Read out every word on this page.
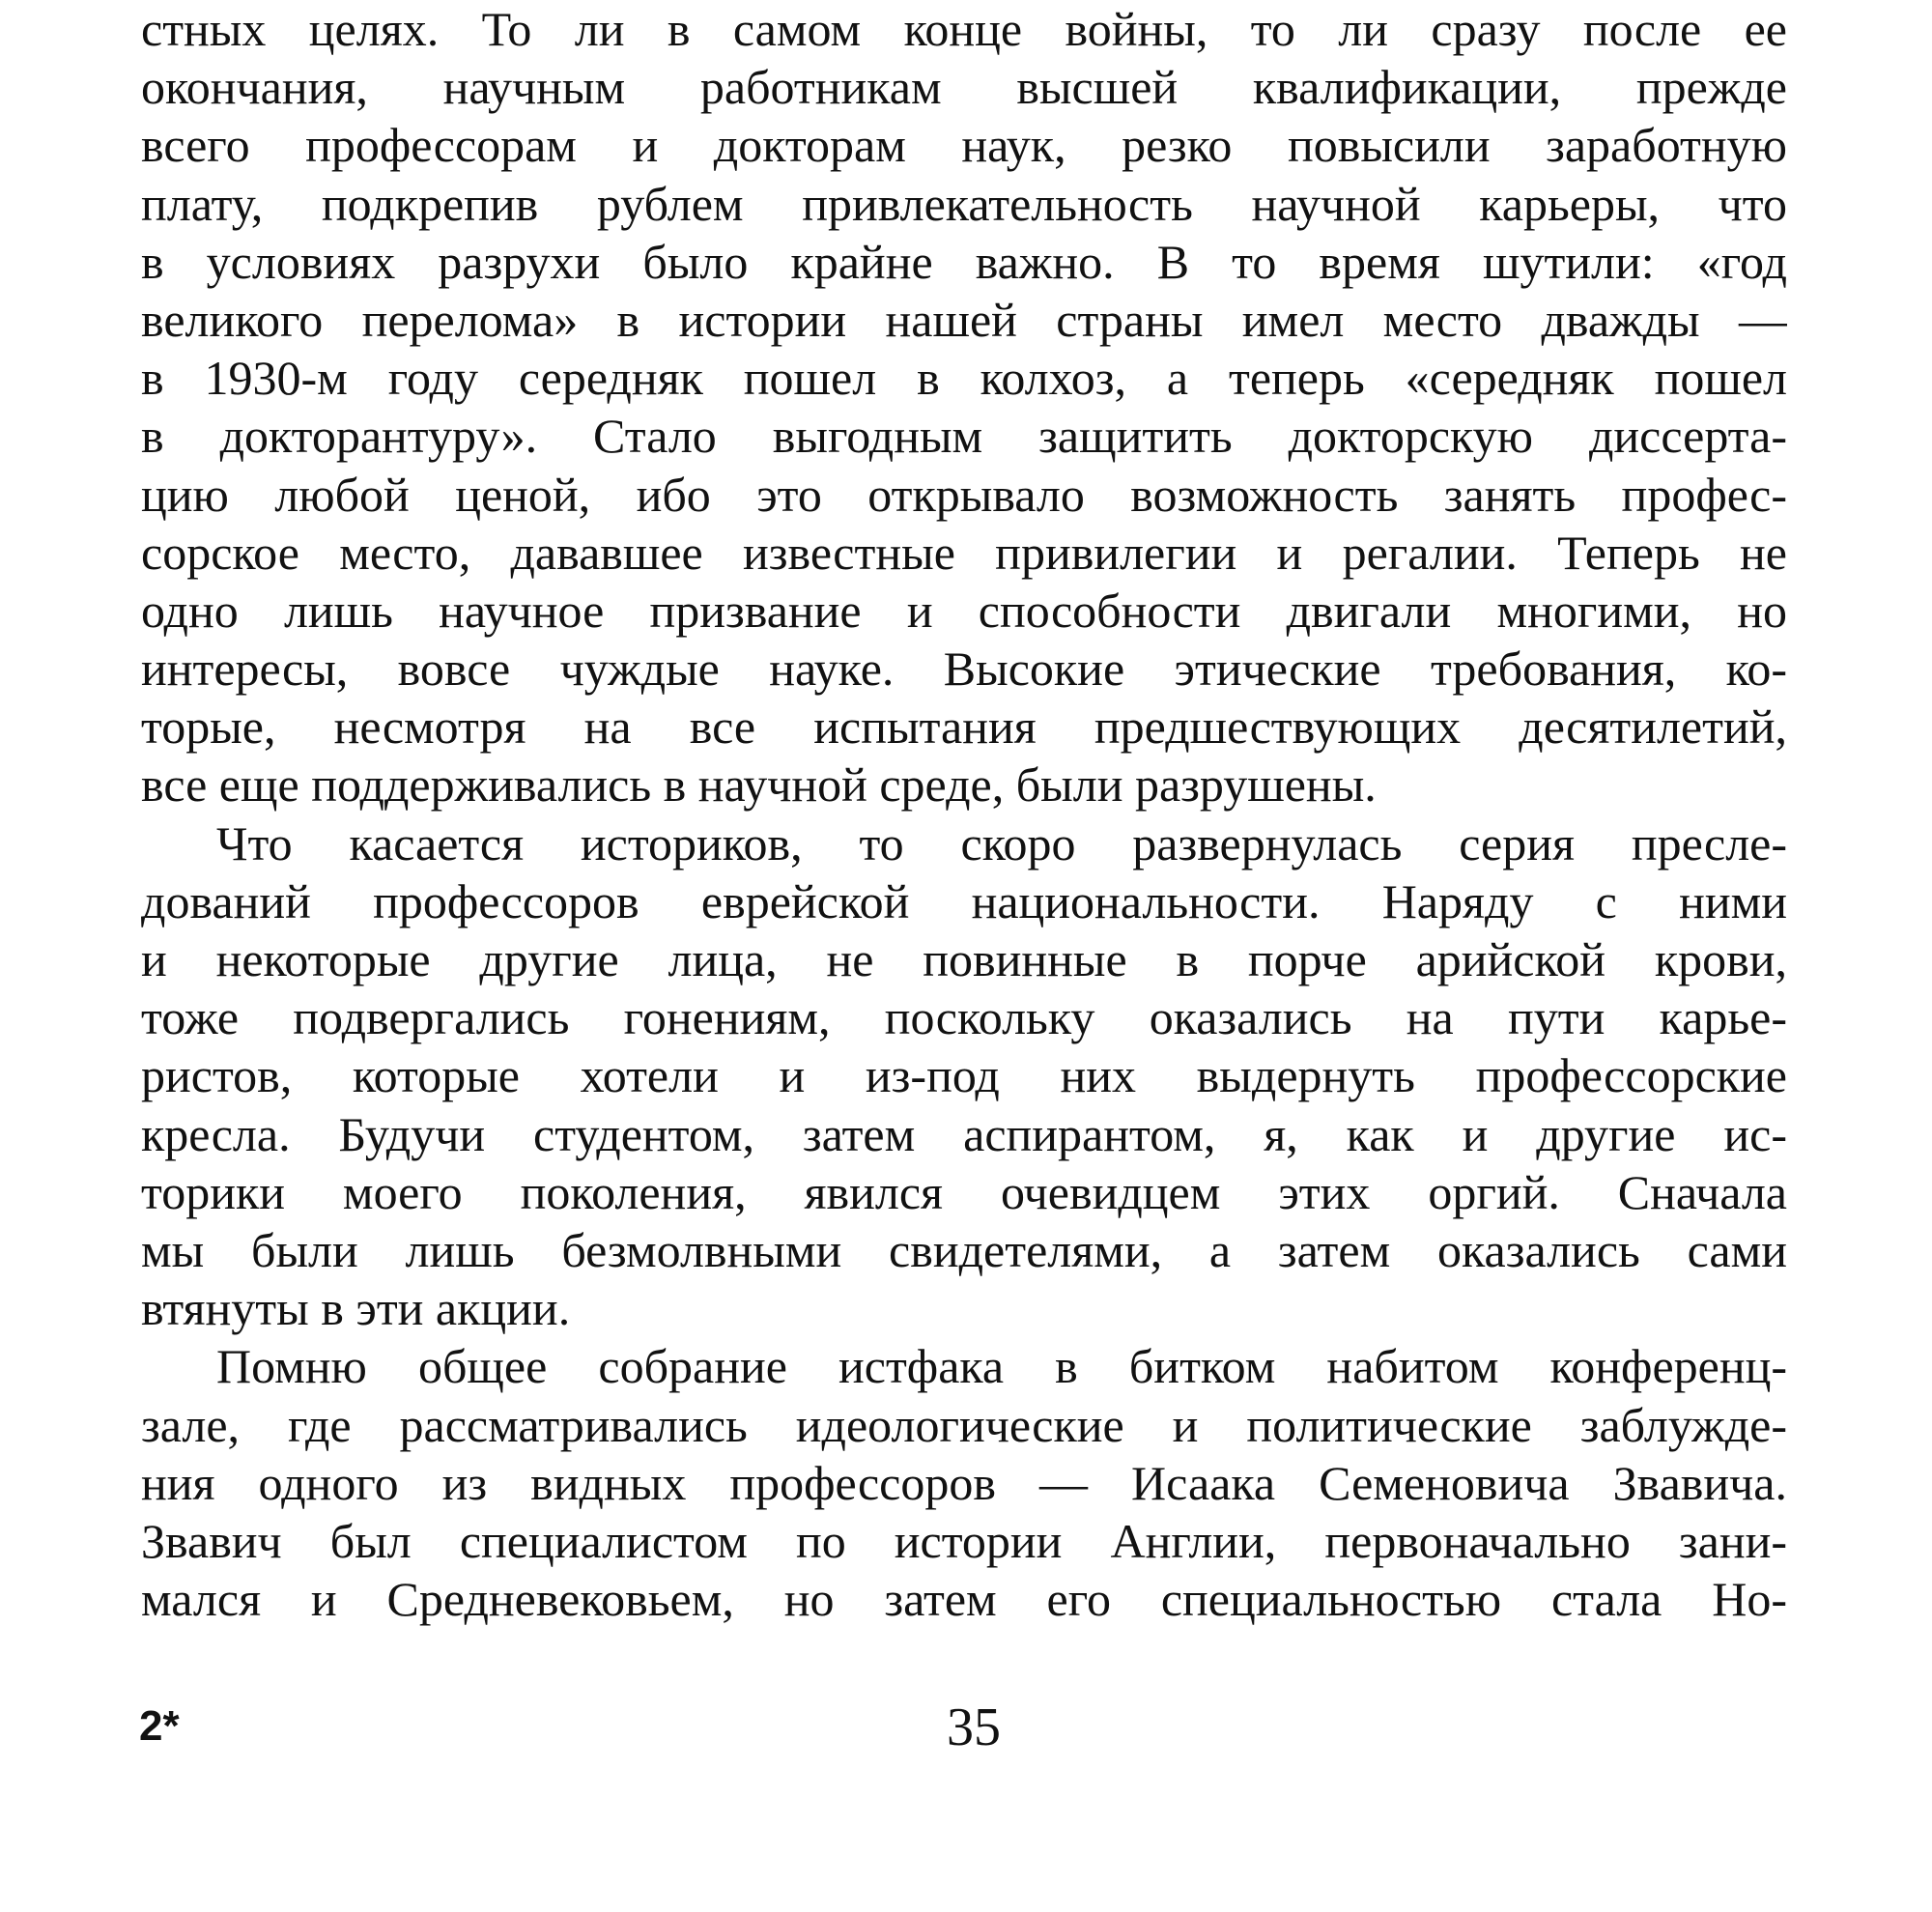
стных целях. То ли в самом конце войны, то ли сразу после ее
окончания, научным работникам высшей квалификации, прежде
всего профессорам и докторам наук, резко повысили заработную
плату, подкрепив рублем привлекательность научной карьеры, что
в условиях разрухи было крайне важно. В то время шутили: «год
великого перелома» в истории нашей страны имел место дважды —
в 1930-м году середняк пошел в колхоз, а теперь «середняк пошел
в докторантуру». Стало выгодным защитить докторскую диссерта-
цию любой ценой, ибо это открывало возможность занять профес-
сорское место, дававшее известные привилегии и регалии. Теперь не
одно лишь научное призвание и способности двигали многими, но
интересы, вовсе чуждые науке. Высокие этические требования, ко-
торые, несмотря на все испытания предшествующих десятилетий,
все еще поддерживались в научной среде, были разрушены.
Что касается историков, то скоро развернулась серия пресле-
дований профессоров еврейской национальности. Наряду с ними
и некоторые другие лица, не повинные в порче арийской крови,
тоже подвергались гонениям, поскольку оказались на пути карье-
ристов, которые хотели и из-под них выдернуть профессорские
кресла. Будучи студентом, затем аспирантом, я, как и другие ис-
торики моего поколения, явился очевидцем этих оргий. Сначала
мы были лишь безмолвными свидетелями, а затем оказались сами
втянуты в эти акции.
Помню общее собрание истфака в битком набитом конференц-
зале, где рассматривались идеологические и политические заблужде-
ния одного из видных профессоров — Исаака Семеновича Звавича.
Звавич был специалистом по истории Англии, первоначально зани-
мался и Средневековьем, но затем его специальностью стала Но-
2*	35
